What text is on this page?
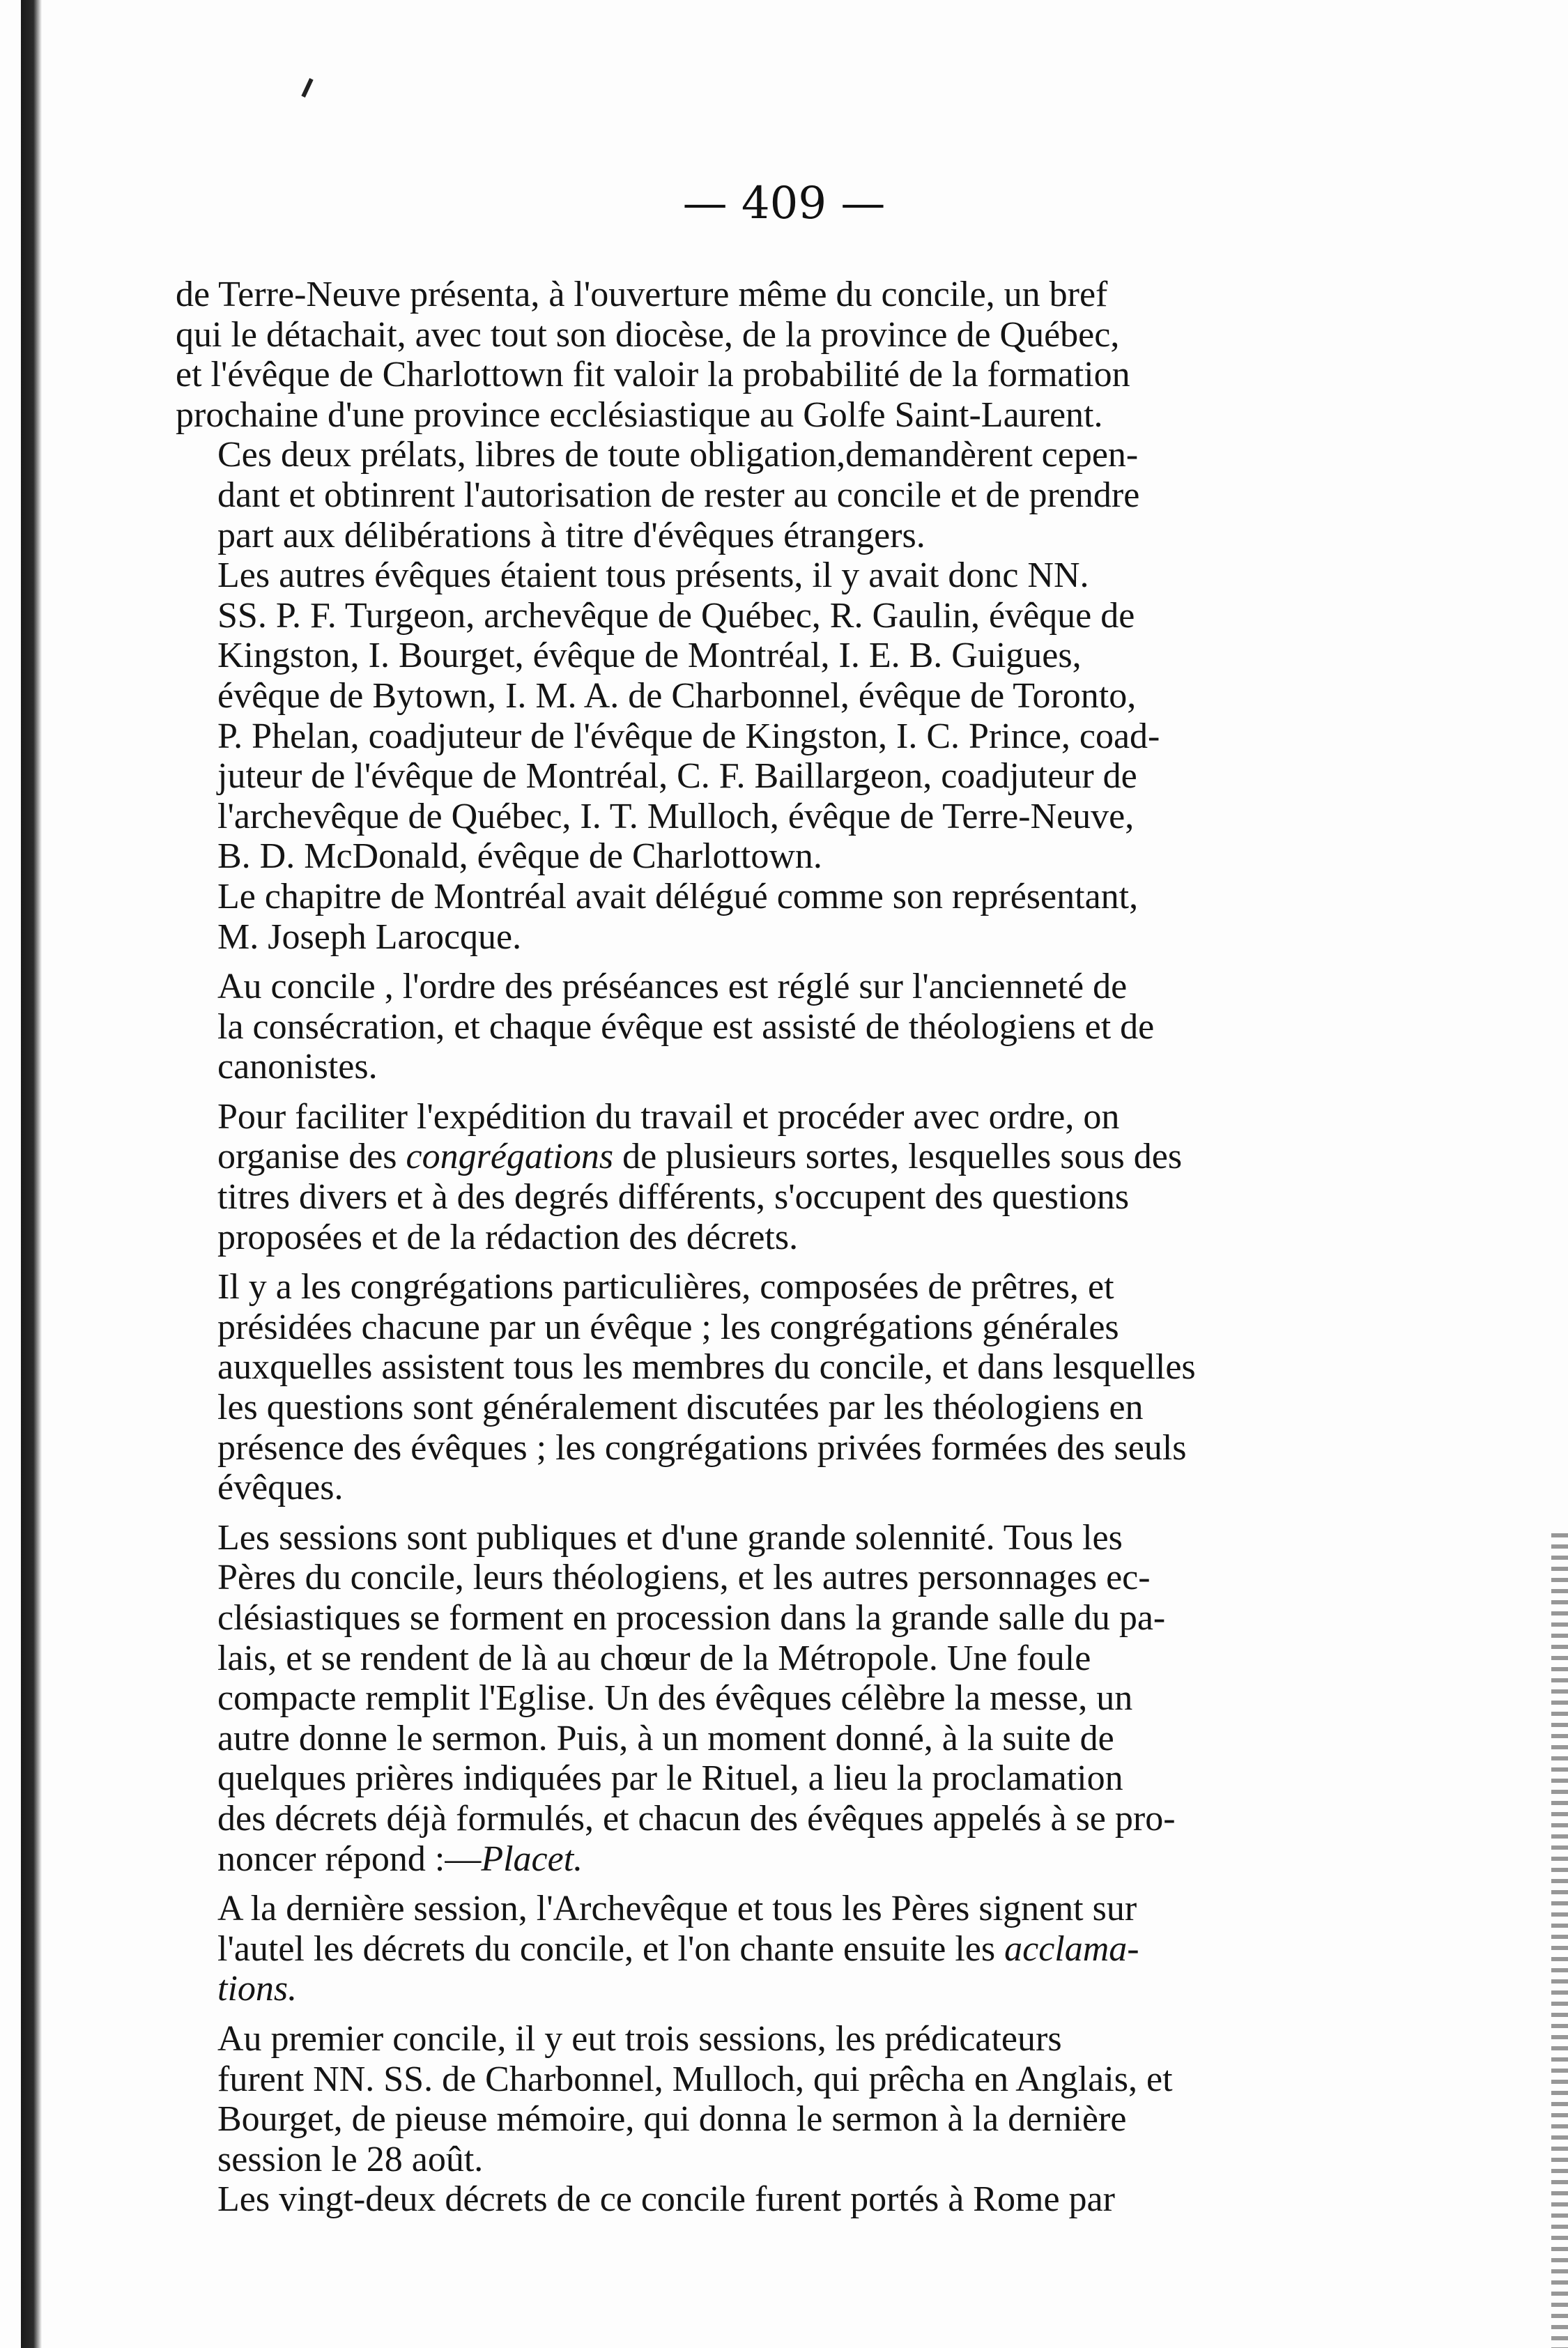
— 409 —

de Terre-Neuve présenta, à l'ouverture même du concile, un bref
qui le détachait, avec tout son diocèse, de la province de Québec,
et l'évêque de Charlottown fit valoir la probabilité de la formation
prochaine d'une province ecclésiastique au Golfe Saint-Laurent.

Ces deux prélats, libres de toute obligation,demandèrent cepen-
dant et obtinrent l'autorisation de rester au concile et de prendre
part aux délibérations à titre d'évêques étrangers.

Les autres évêques étaient tous présents, il y avait donc NN.
SS. P. F. Turgeon, archevêque de Québec, R. Gaulin, évêque de
Kingston, I. Bourget, évêque de Montréal, I. E. B. Guigues,
évêque de Bytown, I. M. A. de Charbonnel, évêque de Toronto,
P. Phelan, coadjuteur de l'évêque de Kingston, I. C. Prince, coad-
juteur de l'évêque de Montréal, C. F. Baillargeon, coadjuteur de
l'archevêque de Québec, I. T. Mulloch, évêque de Terre-Neuve,
B. D. McDonald, évêque de Charlottown.

Le chapitre de Montréal avait délégué comme son représentant,
M. Joseph Larocque.

Au concile , l'ordre des préséances est réglé sur l'ancienneté de
la consécration, et chaque évêque est assisté de théologiens et de
canonistes.

Pour faciliter l'expédition du travail et procéder avec ordre, on
organise des congrégations de plusieurs sortes, lesquelles sous des
titres divers et à des degrés différents, s'occupent des questions
proposées et de la rédaction des décrets.

Il y a les congrégations particulières, composées de prêtres, et
présidées chacune par un évêque ; les congrégations générales
auxquelles assistent tous les membres du concile, et dans lesquelles
les questions sont généralement discutées par les théologiens en
présence des évêques ; les congrégations privées formées des seuls
évêques.

Les sessions sont publiques et d'une grande solennité. Tous les
Pères du concile, leurs théologiens, et les autres personnages ec-
clésiastiques se forment en procession dans la grande salle du pa-
lais, et se rendent de là au chœur de la Métropole. Une foule
compacte remplit l'Eglise. Un des évêques célèbre la messe, un
autre donne le sermon. Puis, à un moment donné, à la suite de
quelques prières indiquées par le Rituel, a lieu la proclamation
des décrets déjà formulés, et chacun des évêques appelés à se pro-
noncer répond :—Placet.

A la dernière session, l'Archevêque et tous les Pères signent sur
l'autel les décrets du concile, et l'on chante ensuite les acclama-
tions.

Au premier concile, il y eut trois sessions, les prédicateurs
furent NN. SS. de Charbonnel, Mulloch, qui prêcha en Anglais, et
Bourget, de pieuse mémoire, qui donna le sermon à la dernière
session le 28 août.

Les vingt-deux décrets de ce concile furent portés à Rome par
